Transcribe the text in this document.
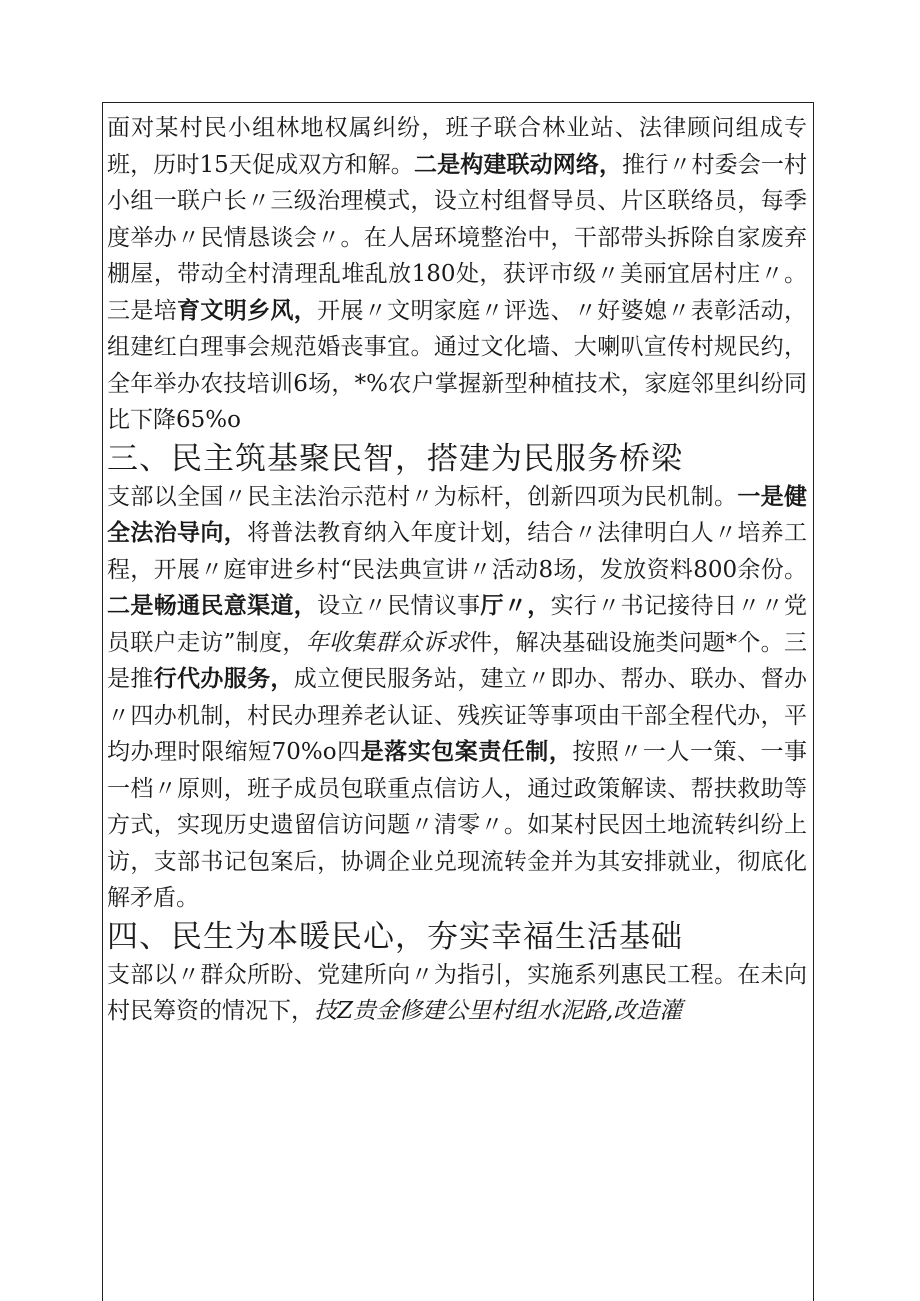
面对某村民小组林地权属纠纷，班子联合林业站、法律顾问组成专班，历时15天促成双方和解。二是构建联动网络，推行〃村委会一村小组一联户长〃三级治理模式，设立村组督导员、片区联络员，每季度举办〃民情恳谈会〃。在人居环境整治中，干部带头拆除自家废弃棚屋，带动全村清理乱堆乱放180处，获评市级〃美丽宜居村庄〃。三是培育文明乡风，开展〃文明家庭〃评选、〃好婆媳〃表彰活动，组建红白理事会规范婚丧事宜。通过文化墙、大喇叭宣传村规民约，全年举办农技培训6场，*%农户掌握新型种植技术，家庭邻里纠纷同比下降65%o

三、民主筑基聚民智，搭建为民服务桥梁

支部以全国〃民主法治示范村〃为标杆，创新四项为民机制。一是健全法治导向，将普法教育纳入年度计划，结合〃法律明白人〃培养工程，开展〃庭审进乡村“民法典宣讲〃活动8场，发放资料800余份。二是畅通民意渠道，设立〃民情议事厅〃，实行〃书记接待日〃〃党员联户走访”制度，年收集群众诉求件，解决基础设施类问题*个。三是推行代办服务，成立便民服务站，建立〃即办、帮办、联办、督办〃四办机制，村民办理养老认证、残疾证等事项由干部全程代办，平均办理时限缩短70%o四是落实包案责任制，按照〃一人一策、一事一档〃原则，班子成员包联重点信访人，通过政策解读、帮扶救助等方式，实现历史遗留信访问题〃清零〃。如某村民因土地流转纠纷上访，支部书记包案后，协调企业兑现流转金并为其安排就业，彻底化解矛盾。

四、民生为本暖民心，夯实幸福生活基础

支部以〃群众所盼、党建所向〃为指引，实施系列惠民工程。在未向村民筹资的情况下，技Z贵金修建公里村组水泥路,改造灌
